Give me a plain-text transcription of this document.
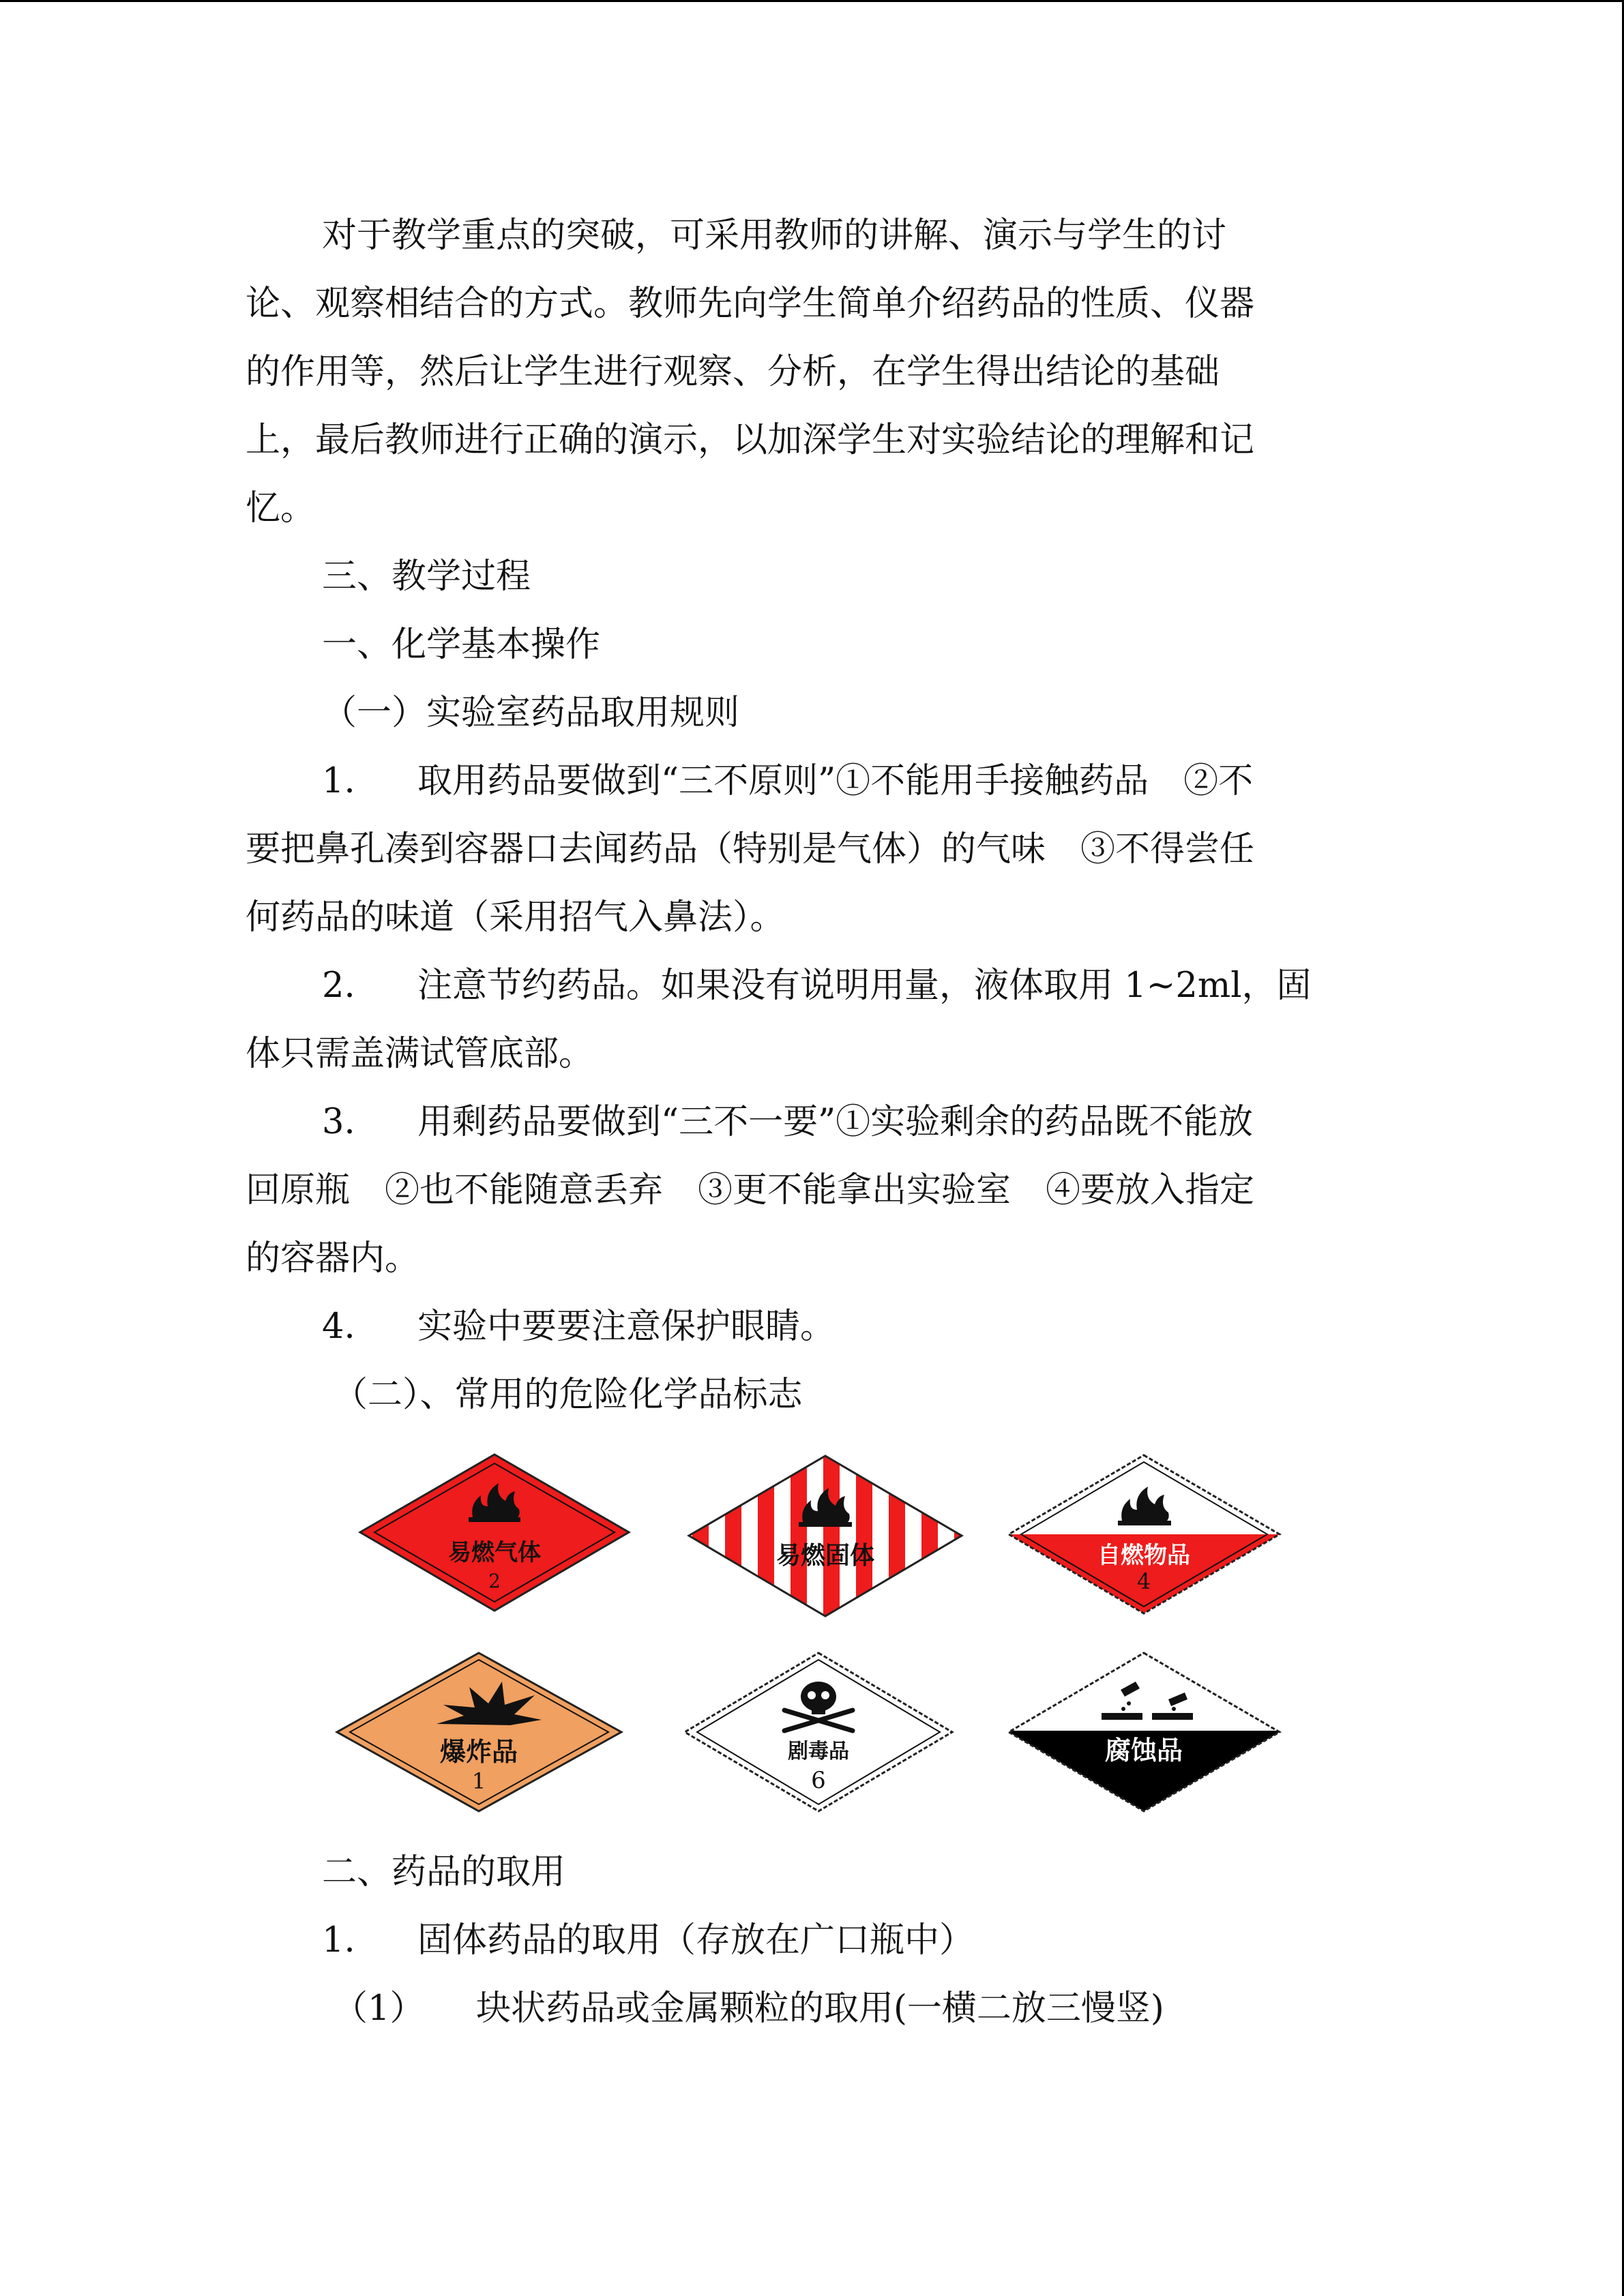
对于教学重点的突破，可采用教师的讲解、演示与学生的讨
论、观察相结合的方式。教师先向学生简单介绍药品的性质、仪器
的作用等，然后让学生进行观察、分析，在学生得出结论的基础
上，最后教师进行正确的演示，以加深学生对实验结论的理解和记
忆。
三、教学过程
一、化学基本操作
（一）实验室药品取用规则
1. 取用药品要做到“三不原则”①不能用手接触药品　②不
要把鼻孔凑到容器口去闻药品（特别是气体）的气味　③不得尝任
何药品的味道（采用招气入鼻法）。
2. 注意节约药品。如果没有说明用量，液体取用 1~2ml，固
体只需盖满试管底部。
3. 用剩药品要做到“三不一要”①实验剩余的药品既不能放
回原瓶　②也不能随意丢弃　③更不能拿出实验室　④要放入指定
的容器内。
4. 实验中要要注意保护眼睛。
（二）、常用的危险化学品标志
易燃气体
2
易燃固体	自燃物品
4
爆炸品
1
剧毒品
6
腐蚀品
二、药品的取用
1. 固体药品的取用（存放在广口瓶中）
（1） 块状药品或金属颗粒的取用(一横二放三慢竖)
